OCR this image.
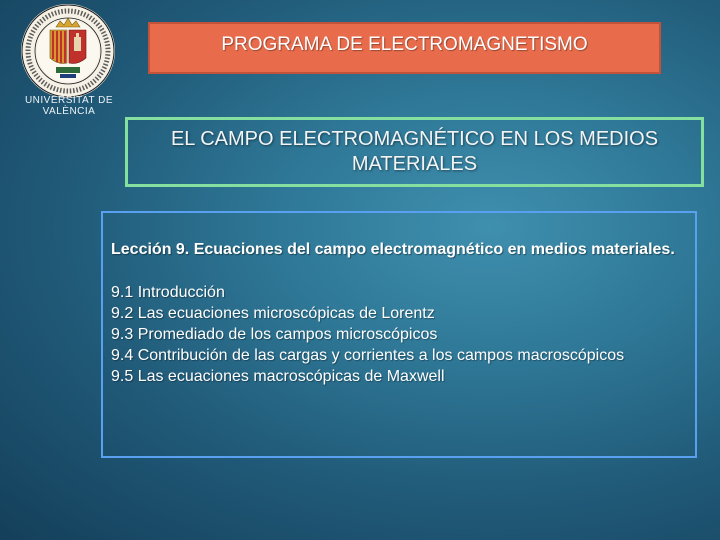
UNIVERSITAT DE VALÈNCIA
PROGRAMA DE ELECTROMAGNETISMO
EL CAMPO ELECTROMAGNÉTICO EN LOS MEDIOS MATERIALES
Lección 9. Ecuaciones del campo electromagnético en medios materiales.
9.1 Introducción
9.2 Las ecuaciones microscópicas de Lorentz
9.3 Promediado de los campos microscópicos
9.4 Contribución de las cargas y corrientes a los campos macroscópicos
9.5 Las ecuaciones macroscópicas de Maxwell
